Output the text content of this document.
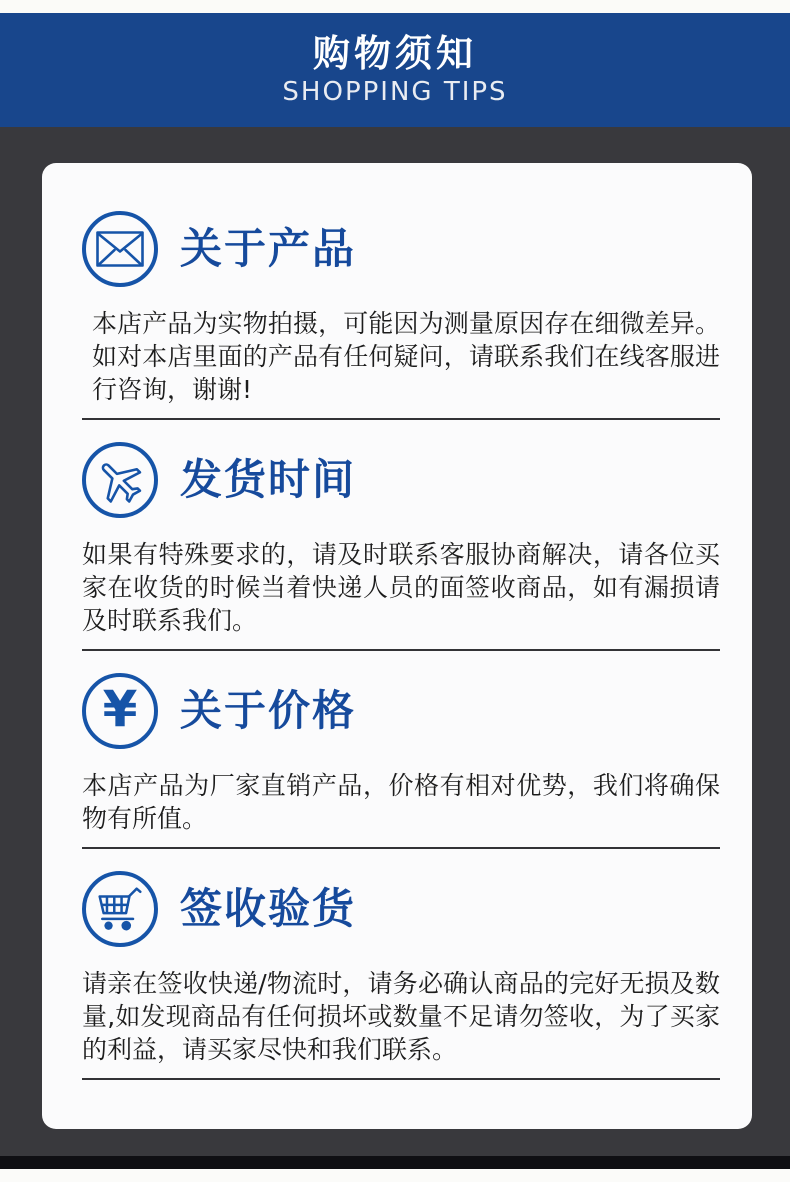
购物须知
SHOPPING TIPS
关于产品
本店产品为实物拍摄，可能因为测量原因存在细微差异。如对本店里面的产品有任何疑问，请联系我们在线客服进行咨询，谢谢!
发货时间
如果有特殊要求的，请及时联系客服协商解决，请各位买家在收货的时候当着快递人员的面签收商品，如有漏损请及时联系我们。
¥ 关于价格
本店产品为厂家直销产品，价格有相对优势，我们将确保物有所值。
签收验货
请亲在签收快递/物流时，请务必确认商品的完好无损及数量,如发现商品有任何损坏或数量不足请勿签收，为了买家的利益，请买家尽快和我们联系。
